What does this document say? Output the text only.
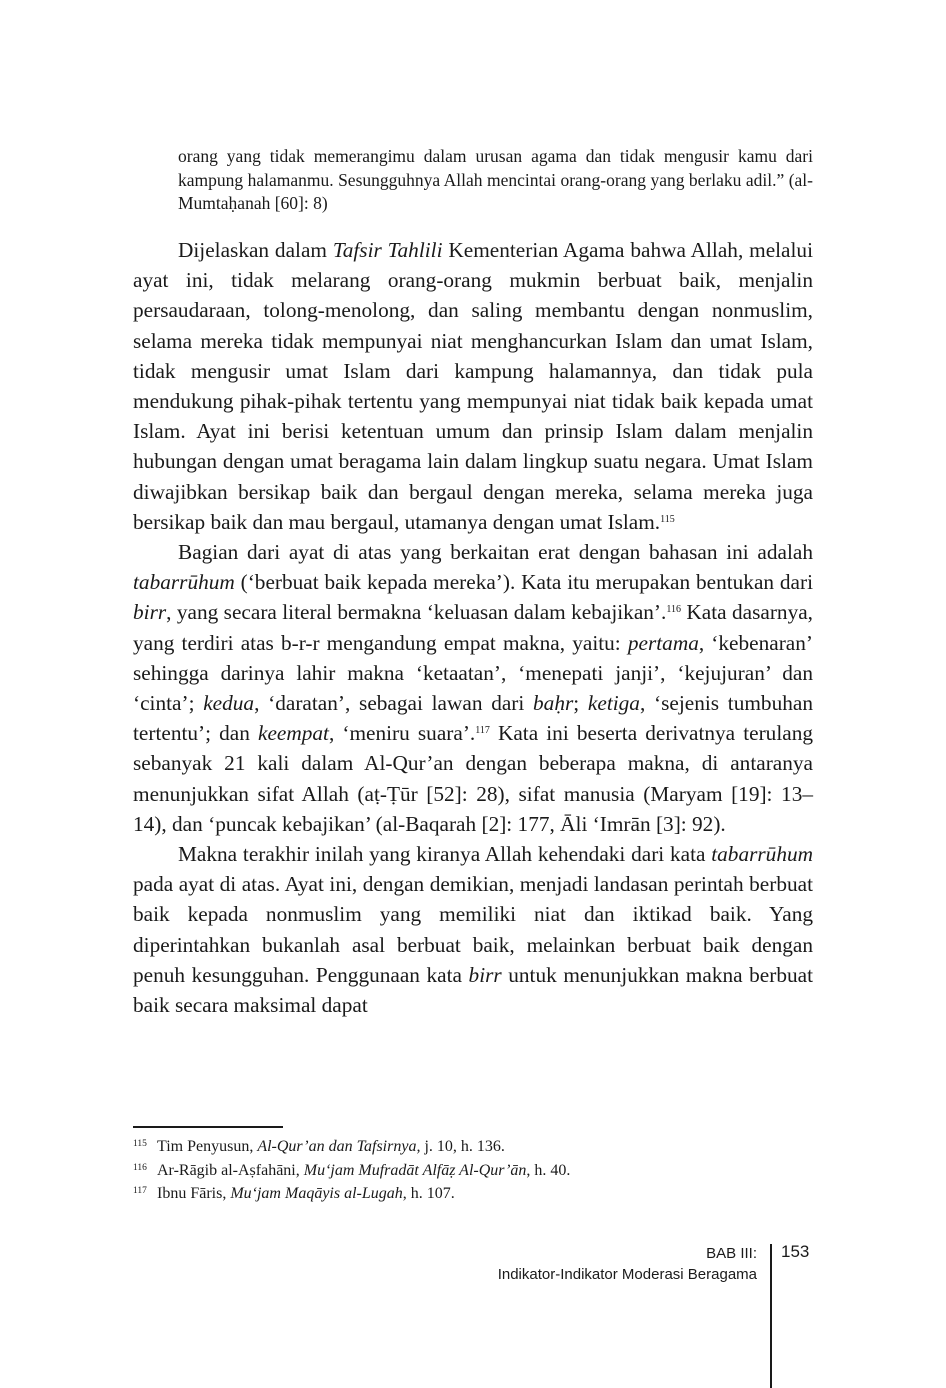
orang yang tidak memerangimu dalam urusan agama dan tidak mengusir kamu dari kampung halamanmu. Sesungguhnya Allah mencintai orang-orang yang berlaku adil.” (al-Mumtaḥanah [60]: 8)

Dijelaskan dalam Tafsir Tahlili Kementerian Agama bahwa Allah, melalui ayat ini, tidak melarang orang-orang mukmin berbuat baik, menjalin persaudaraan, tolong-menolong, dan saling membantu dengan nonmuslim, selama mereka tidak mempunyai niat menghancurkan Islam dan umat Islam, tidak mengusir umat Islam dari kampung halamannya, dan tidak pula mendukung pihak-pihak tertentu yang mempunyai niat tidak baik kepada umat Islam. Ayat ini berisi ketentuan umum dan prinsip Islam dalam menjalin hubungan dengan umat beragama lain dalam lingkup suatu negara. Umat Islam diwajibkan bersikap baik dan bergaul dengan mereka, selama mereka juga bersikap baik dan mau bergaul, utamanya dengan umat Islam.$^{115}$

Bagian dari ayat di atas yang berkaitan erat dengan bahasan ini adalah tabarrūhum (‘berbuat baik kepada mereka’). Kata itu merupakan bentukan dari birr, yang secara literal bermakna ‘keluasan dalam kebajikan’.$^{116}$ Kata dasarnya, yang terdiri atas b-r-r mengandung empat makna, yaitu: pertama, ‘kebenaran’ sehingga darinya lahir makna ‘ketaatan’, ‘menepati janji’, ‘kejujuran’ dan ‘cinta’; kedua, ‘daratan’, sebagai lawan dari baḥr; ketiga, ‘sejenis tumbuhan tertentu’; dan keempat, ‘meniru suara’.$^{117}$ Kata ini beserta derivatnya terulang sebanyak 21 kali dalam Al-Qur’an dengan beberapa makna, di antaranya menunjukkan sifat Allah (aṭ-Ṭūr [52]: 28), sifat manusia (Maryam [19]: 13–14), dan ‘puncak kebajikan’ (al-Baqarah [2]: 177, Āli ‘Imrān [3]: 92).

Makna terakhir inilah yang kiranya Allah kehendaki dari kata tabarrūhum pada ayat di atas. Ayat ini, dengan demikian, menjadi landasan perintah berbuat baik kepada nonmuslim yang memiliki niat dan iktikad baik. Yang diperintahkan bukanlah asal berbuat baik, melainkan berbuat baik dengan penuh kesungguhan. Penggunaan kata birr untuk menunjukkan makna berbuat baik secara maksimal dapat

115 Tim Penyusun, Al-Qur’an dan Tafsirnya, j. 10, h. 136.
116 Ar-Rāgib al-Aṣfahāni, Mu‘jam Mufradāt Alfāẓ Al-Qur’ān, h. 40.
117 Ibnu Fāris, Mu‘jam Maqāyis al-Lugah, h. 107.
BAB III:
Indikator-Indikator Moderasi Beragama
153
